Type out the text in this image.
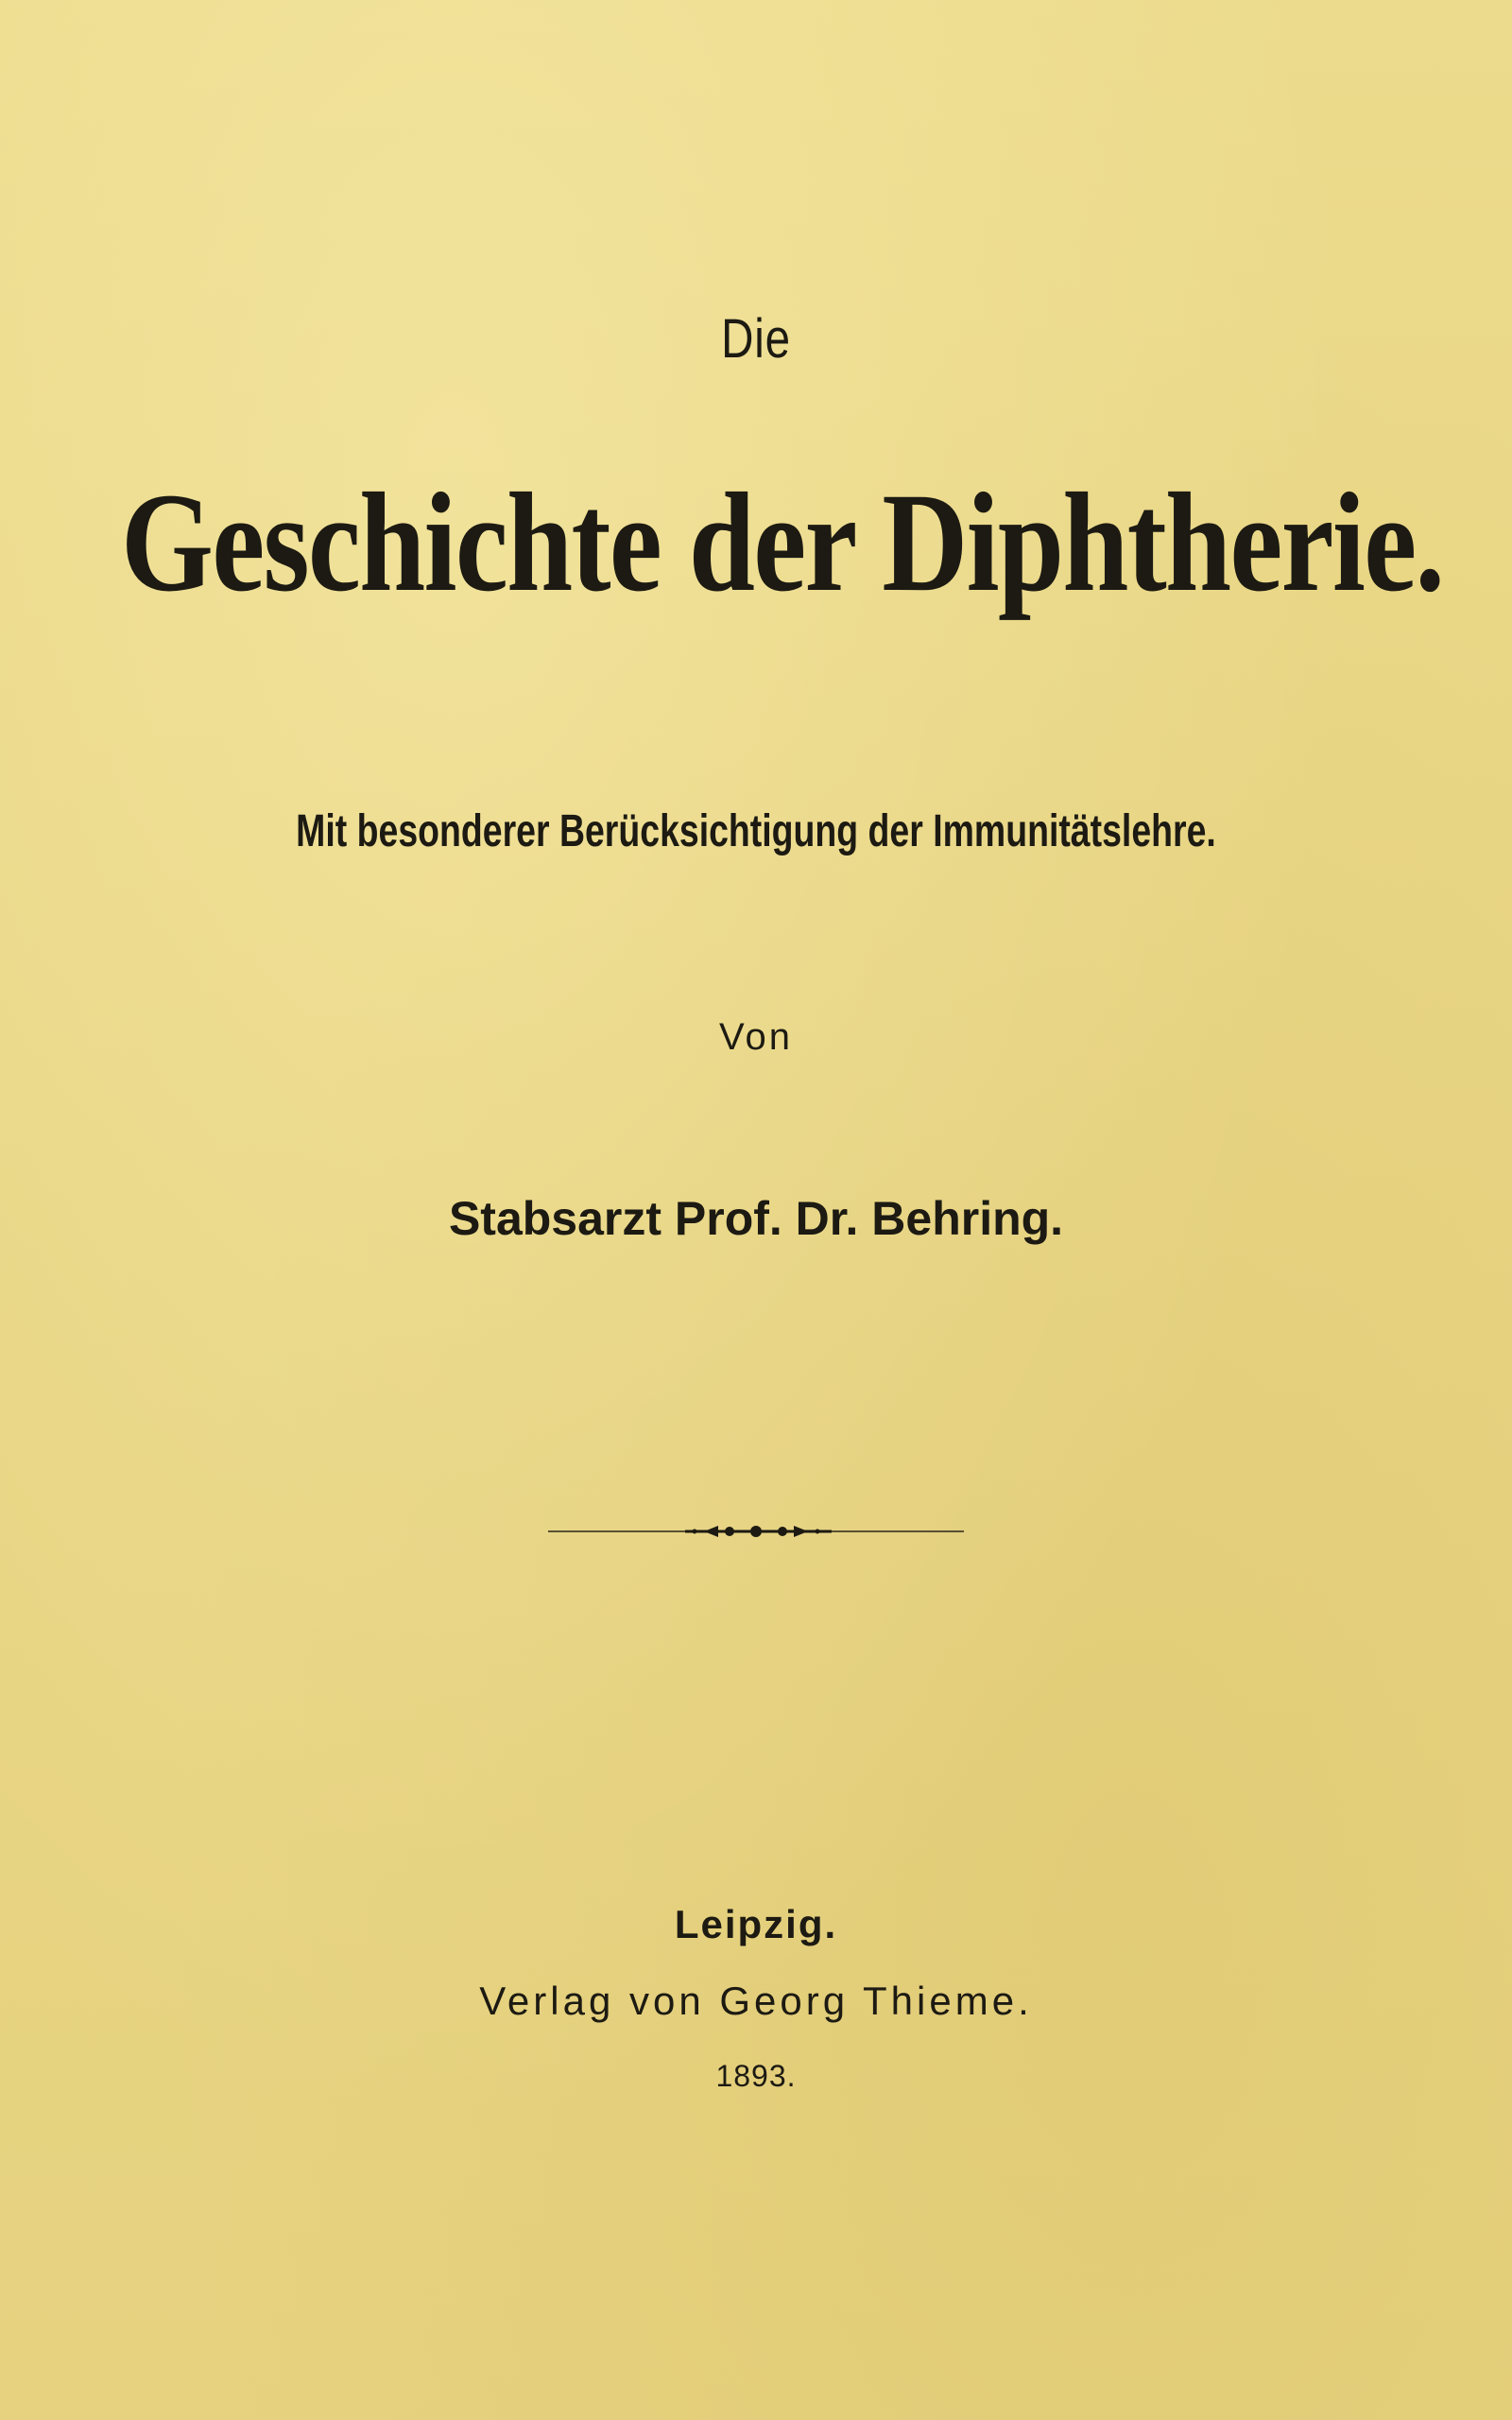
Die
Geschichte der Diphtherie.
Mit besonderer Berücksichtigung der Immunitätslehre.
Von
Stabsarzt Prof. Dr. Behring.
Leipzig.
Verlag von Georg Thieme.
1893.
